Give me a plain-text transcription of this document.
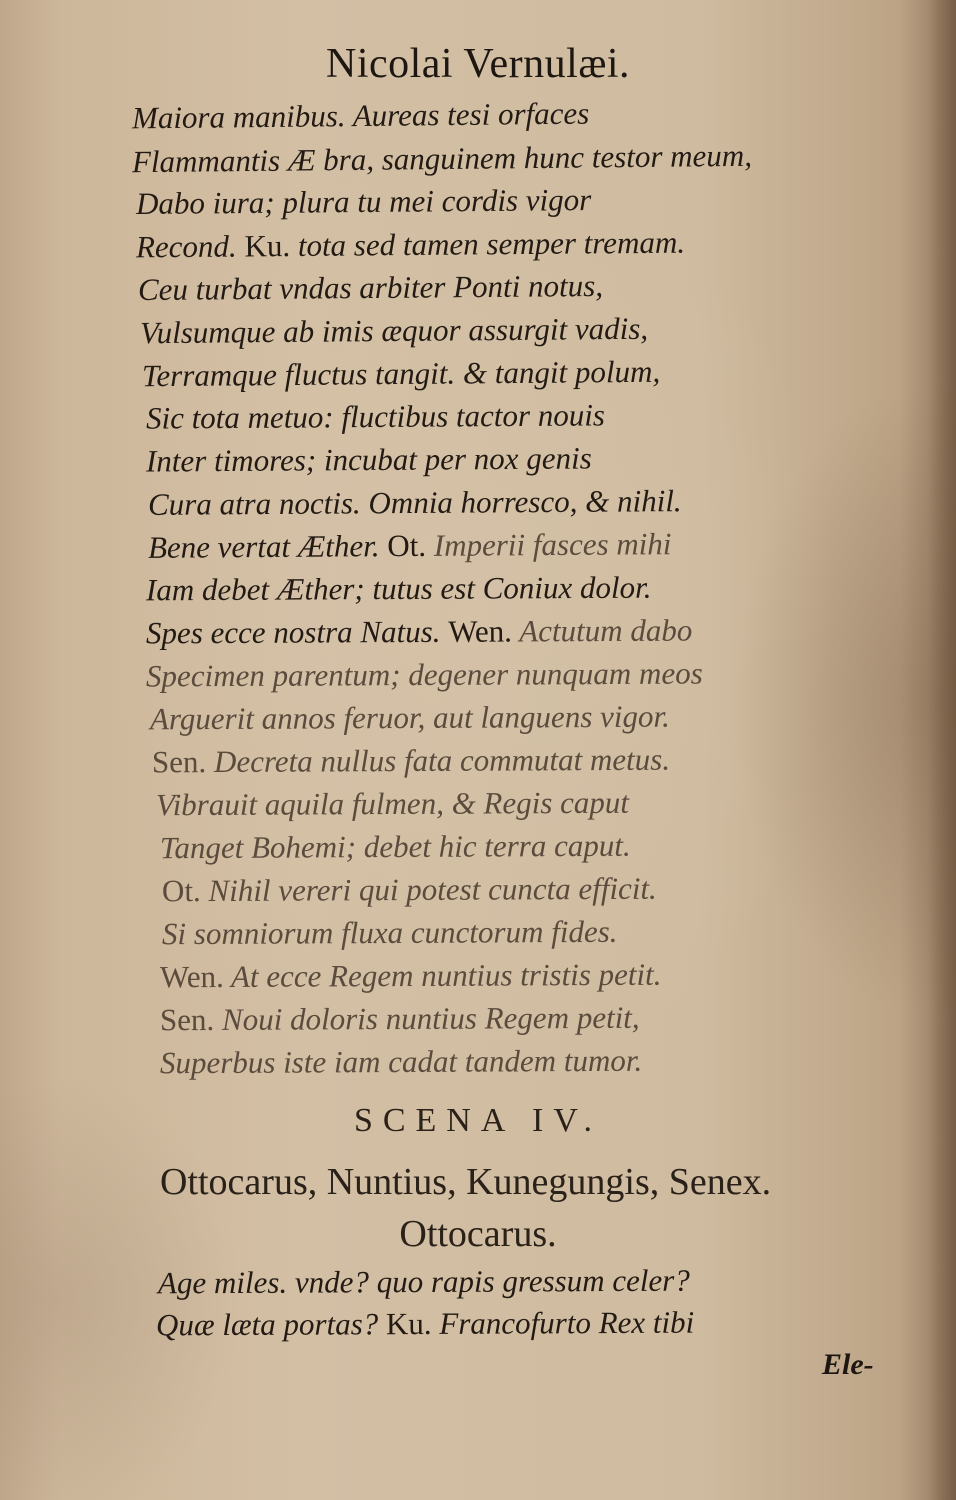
Nicolai Vernulæi.
Maiora manibus. Aureas tesi orfaces
Flammantis Æ bra, sanguinem hunc testor meum,
Dabo iura; plura tu mei cordis vigor
Recond. Ku. tota sed tamen semper tremam.
Ceu turbat vndas arbiter Ponti notus,
Vulsumque ab imis æquor assurgit vadis,
Terramque fluctus tangit. & tangit polum,
Sic tota metuo: fluctibus tactor nouis
Inter timores; incubat per nox genis
Cura atra noctis. Omnia horresco, & nihil.
Bene vertat Æther. Ot. Imperii fasces mihi
Iam debet Æther; tutus est Coniux dolor.
Spes ecce nostra Natus. Wen. Actutum dabo
Specimen parentum; degener nunquam meos
Arguerit annos feruor, aut languens vigor.
Sen. Decreta nullus fata commutat metus.
Vibrauit aquila fulmen, & Regis caput
Tanget Bohemi; debet hic terra caput.
Ot. Nihil vereri qui potest cuncta efficit.
Si somniorum fluxa cunctorum fides.
Wen. At ecce Regem nuntius tristis petit.
Sen. Noui doloris nuntius Regem petit,
Superbus iste iam cadat tandem tumor.
SCENA IV.
Ottocarus, Nuntius, Kunegungis, Senex.
Ottocarus.
Age miles. vnde? quo rapis gressum celer?
Quæ læta portas? Ku. Francofurto Rex tibi
Ele-
